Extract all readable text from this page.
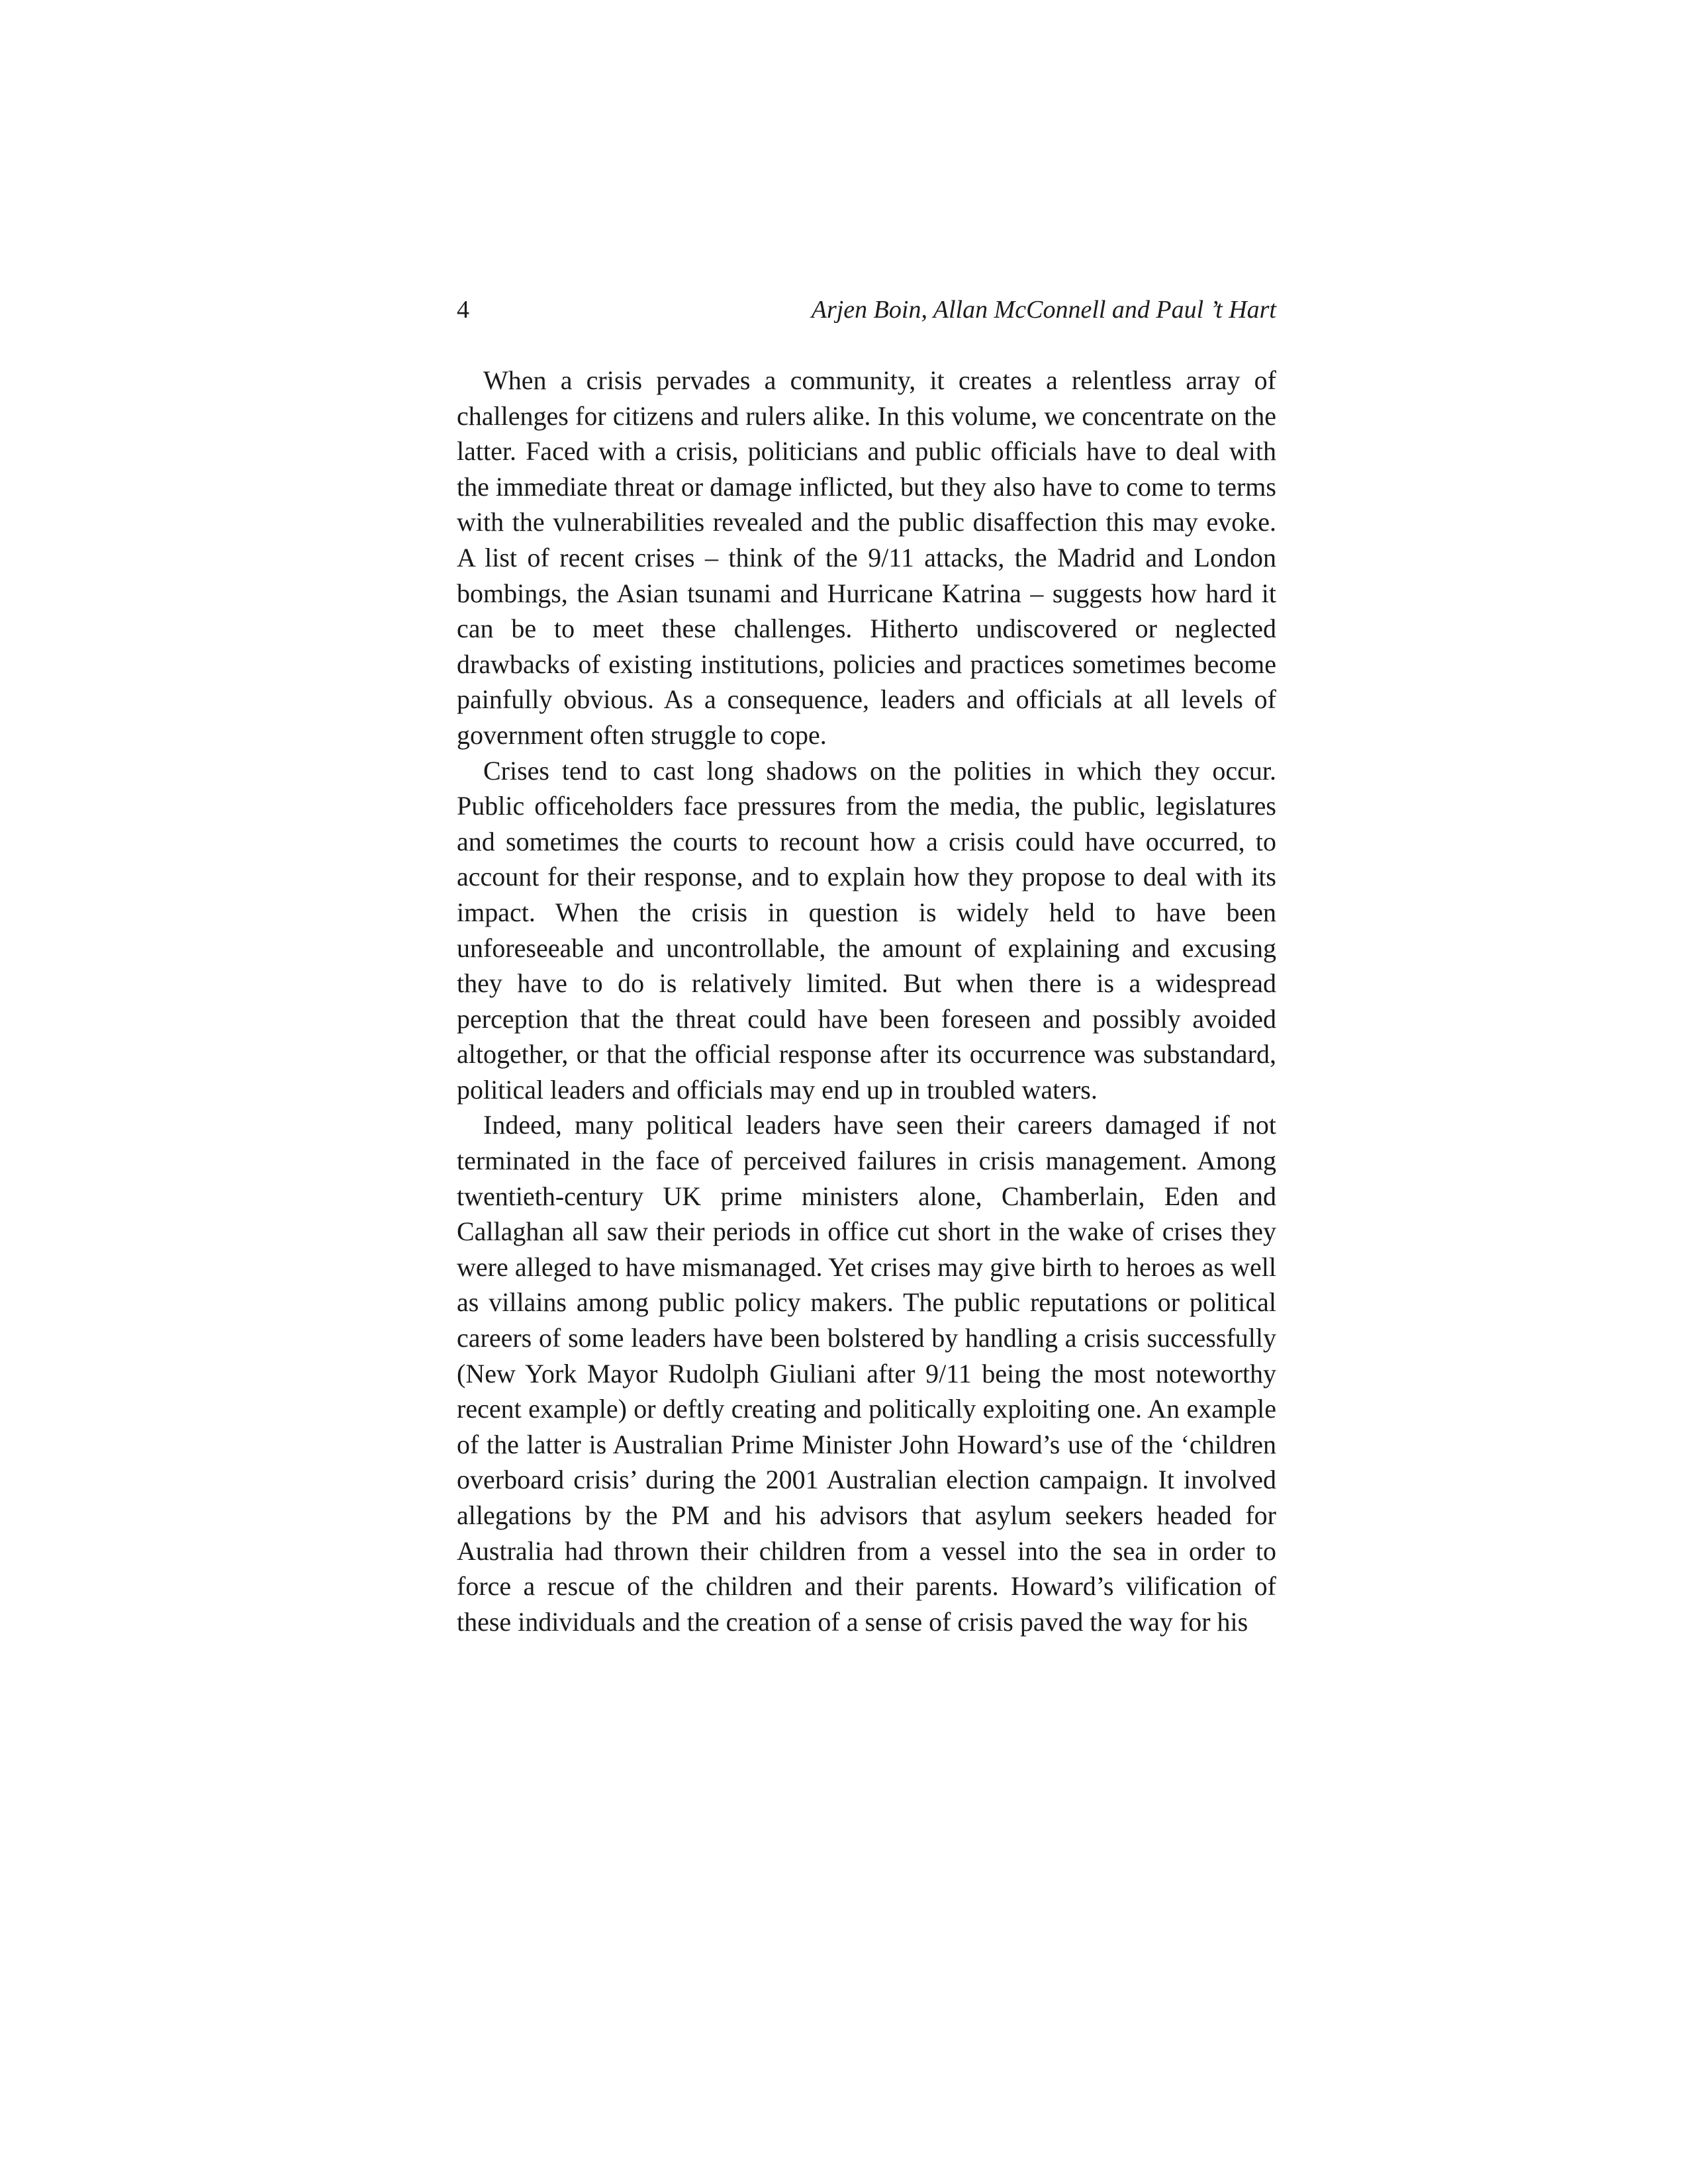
4	Arjen Boin, Allan McConnell and Paul ’t Hart

When a crisis pervades a community, it creates a relentless array of challenges for citizens and rulers alike. In this volume, we concentrate on the latter. Faced with a crisis, politicians and public officials have to deal with the immediate threat or damage inflicted, but they also have to come to terms with the vulnerabilities revealed and the public disaffection this may evoke. A list of recent crises – think of the 9/11 attacks, the Madrid and London bombings, the Asian tsunami and Hurricane Katrina – suggests how hard it can be to meet these challenges. Hitherto undiscovered or neglected drawbacks of existing institutions, policies and practices sometimes become painfully obvious. As a consequence, leaders and officials at all levels of government often struggle to cope.

Crises tend to cast long shadows on the polities in which they occur. Public officeholders face pressures from the media, the public, legislatures and sometimes the courts to recount how a crisis could have occurred, to account for their response, and to explain how they propose to deal with its impact. When the crisis in question is widely held to have been unforeseeable and uncontrollable, the amount of explaining and excusing they have to do is relatively limited. But when there is a widespread perception that the threat could have been foreseen and possibly avoided altogether, or that the official response after its occurrence was substandard, political leaders and officials may end up in troubled waters.

Indeed, many political leaders have seen their careers damaged if not terminated in the face of perceived failures in crisis management. Among twentieth-century UK prime ministers alone, Chamberlain, Eden and Callaghan all saw their periods in office cut short in the wake of crises they were alleged to have mismanaged. Yet crises may give birth to heroes as well as villains among public policy makers. The public reputations or political careers of some leaders have been bolstered by handling a crisis successfully (New York Mayor Rudolph Giuliani after 9/11 being the most noteworthy recent example) or deftly creating and politically exploiting one. An example of the latter is Australian Prime Minister John Howard’s use of the ‘children overboard crisis’ during the 2001 Australian election campaign. It involved allegations by the PM and his advisors that asylum seekers headed for Australia had thrown their children from a vessel into the sea in order to force a rescue of the children and their parents. Howard’s vilification of these individuals and the creation of a sense of crisis paved the way for his
